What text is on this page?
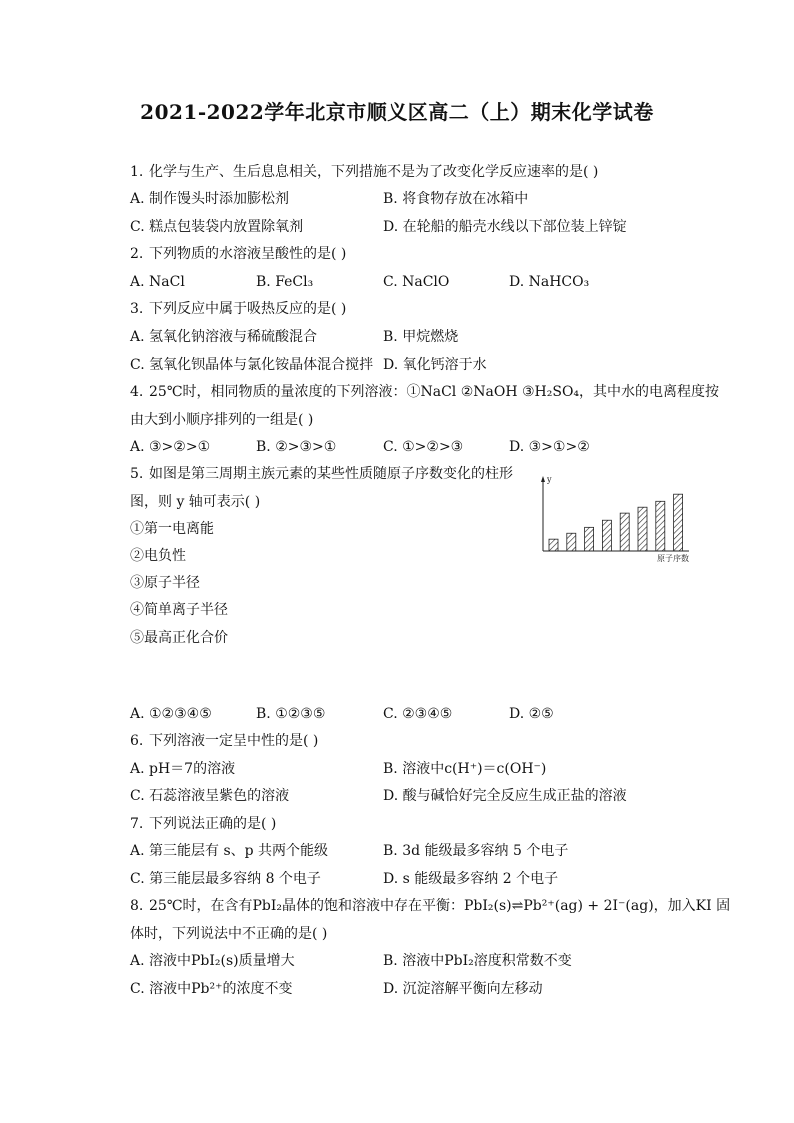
2021-2022学年北京市顺义区高二（上）期末化学试卷
1. 化学与生产、生后息息相关，下列措施不是为了改变化学反应速率的是( )
A. 制作馒头时添加膨松剂	B. 将食物存放在冰箱中
C. 糕点包装袋内放置除氧剂	D. 在轮船的船壳水线以下部位装上锌锭
2. 下列物质的水溶液呈酸性的是( )
A. NaCl	B. FeCl₃	C. NaClO	D. NaHCO₃
3. 下列反应中属于吸热反应的是( )
A. 氢氧化钠溶液与稀硫酸混合	B. 甲烷燃烧
C. 氢氧化钡晶体与氯化铵晶体混合搅拌 D. 氧化钙溶于水
4. 25℃时，相同物质的量浓度的下列溶液：①NaCl ②NaOH ③H₂SO₄，其中水的电离程度按
由大到小顺序排列的一组是( )
A. ③>②>①	B. ②>③>①	C. ①>②>③	D. ③>①>②
5. 如图是第三周期主族元素的某些性质随原子序数变化的柱形
图，则 y 轴可表示( )
①第一电离能
②电负性
③原子半径
④简单离子半径
⑤最高正化合价
y
原子序数
A. ①②③④⑤	B. ①②③⑤	C. ②③④⑤	D. ②⑤
6. 下列溶液一定呈中性的是( )
A. pH＝7的溶液	B. 溶液中c(H⁺)＝c(OH⁻)
C. 石蕊溶液呈紫色的溶液	D. 酸与碱恰好完全反应生成正盐的溶液
7. 下列说法正确的是( )
A. 第三能层有 s、p 共两个能级	B. 3d 能级最多容纳 5 个电子
C. 第三能层最多容纳 8 个电子	D. s 能级最多容纳 2 个电子
8. 25℃时，在含有PbI₂晶体的饱和溶液中存在平衡：PbI₂(s)⇌Pb²⁺(ag) + 2I⁻(ag)，加入KI 固
体时，下列说法中不正确的是( )
A. 溶液中PbI₂(s)质量增大	B. 溶液中PbI₂溶度积常数不变
C. 溶液中Pb²⁺的浓度不变	D. 沉淀溶解平衡向左移动
